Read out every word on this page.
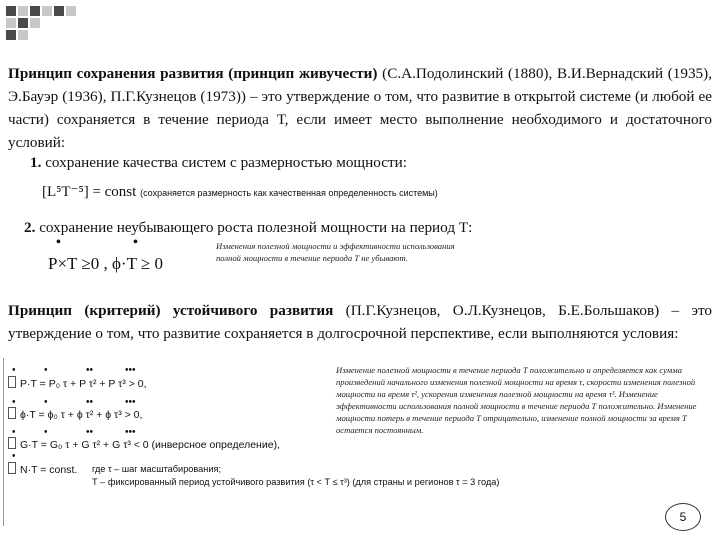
Принцип сохранения развития (принцип живучести) (С.А.Подолинский (1880), В.И.Вернадский (1935), Э.Бауэр (1936), П.Г.Кузнецов (1973)) – это утверждение о том, что развитие в открытой системе (и любой ее части) сохраняется в течение периода Т, если имеет место выполнение необходимого и достаточного условий:
1. сохранение качества систем с размерностью мощности:
[L⁵T⁻⁵] = const (сохраняется размерность как качественная определенность системы)
2. сохранение неубывающего роста полезной мощности на период Т:
•	•
P×T ≥0 , ϕ·T ≥ 0
Изменения полезной мощности и эффективности использования полной мощности в течение периода Т не убывают.
Принцип (критерий) устойчивого развития (П.Г.Кузнецов, О.Л.Кузнецов, Б.Е.Большаков) – это утверждение о том, что развитие сохраняется в долгосрочной перспективе, если выполняются условия:
•	•	••	•••
P·T = P₀ τ + P τ² + P τ³ > 0,
•	•	••	•••
ϕ·T = ϕ₀ τ + ϕ τ² + ϕ τ³ > 0,
•	•	••	•••
G·T = G₀ τ + G τ² + G τ³ < 0 (инверсное определение),
•
N·T = const. где τ – шаг масштабирования;
Т – фиксированный период устойчивого развития (τ < T ≤ τ³) (для страны и регионов τ = 3 года)
Изменение полезной мощности в течение периода Т положительно и определяется как сумма произведений начального изменения полезной мощности на время τ, скорости изменения полезной мощности на время τ², ускорения изменения полезной мощности на время τ³. Изменение эффективности использования полной мощности в течение периода Т положительно. Изменение мощности потерь в течение периода Т отрицательно, изменение полной мощности за время Т остается постоянным.
5
